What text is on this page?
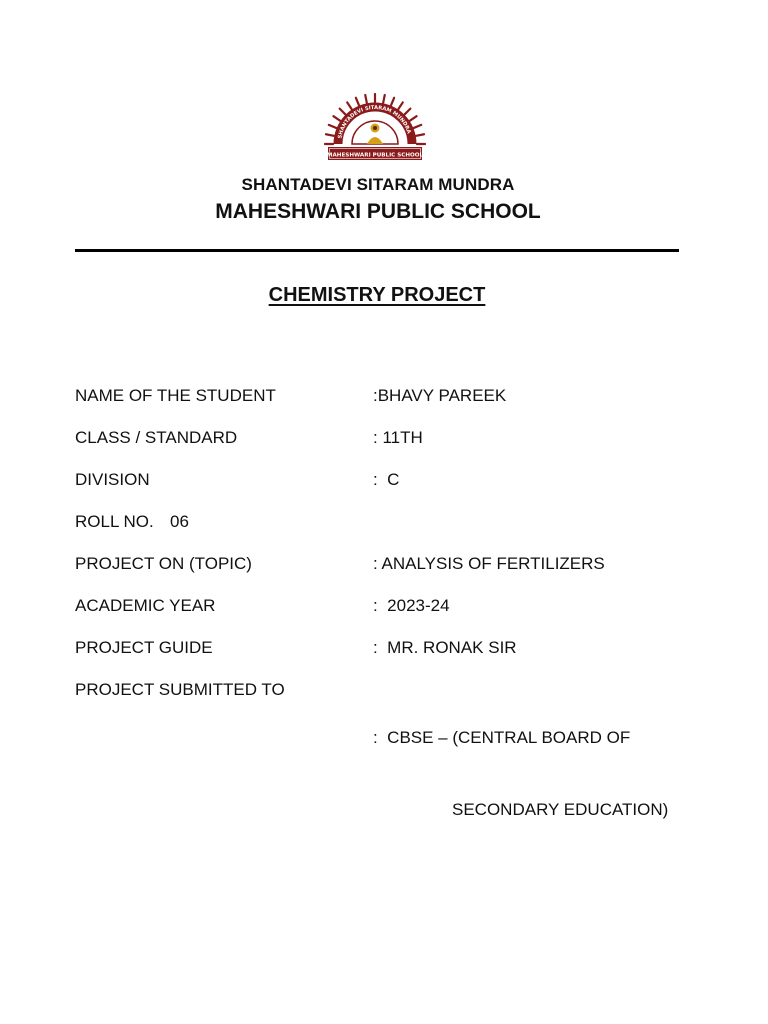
SHANTADEVI SITARAM MUNDRA
MAHESHWARI PUBLIC SCHOOL
SHANTADEVI SITARAM MUNDRA
MAHESHWARI PUBLIC SCHOOL
CHEMISTRY PROJECT
NAME OF THE STUDENT	:BHAVY PAREEK
CLASS / STANDARD	: 11TH
DIVISION	:  C
ROLL NO. 06
PROJECT ON (TOPIC)	: ANALYSIS OF FERTILIZERS
ACADEMIC YEAR	:  2023-24
PROJECT GUIDE	:  MR. RONAK SIR
PROJECT SUBMITTED TO

:  CBSE – (CENTRAL BOARD OF

SECONDARY EDUCATION)
